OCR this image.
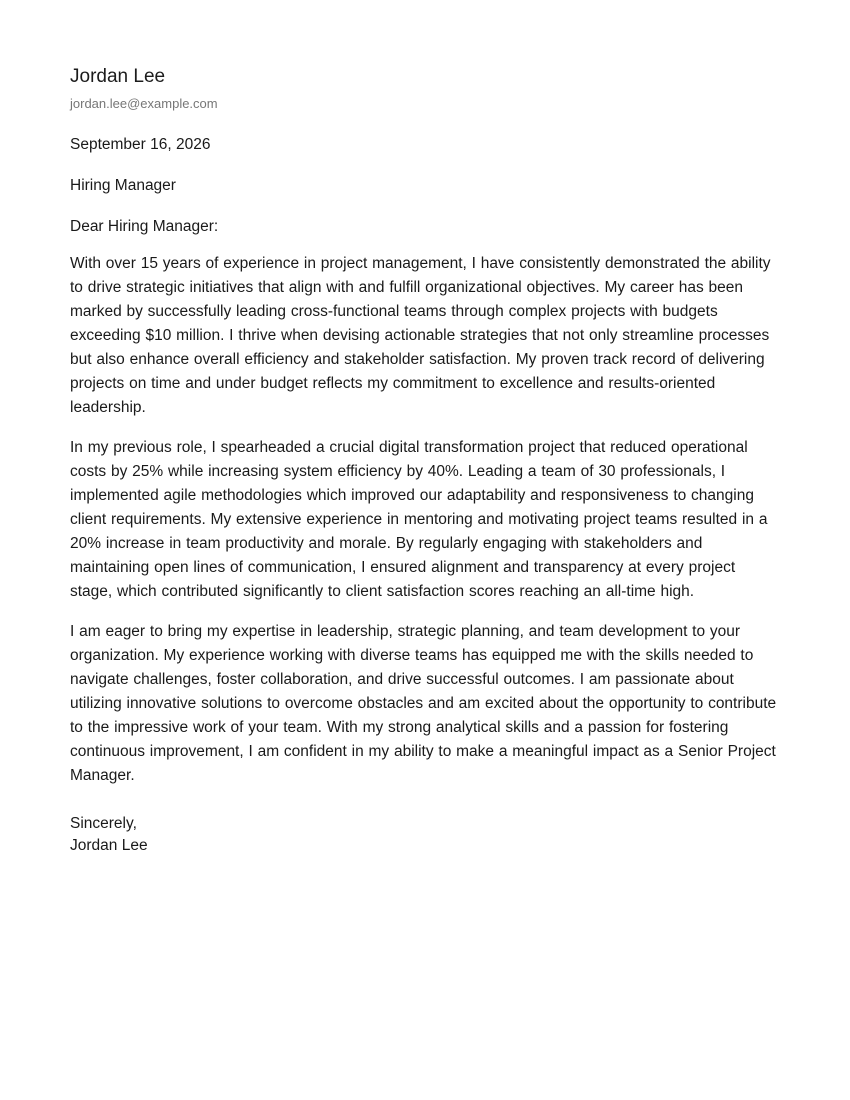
Jordan Lee
jordan.lee@example.com
September 16, 2026
Hiring Manager
Dear Hiring Manager:

With over 15 years of experience in project management, I have consistently demonstrated the ability to drive strategic initiatives that align with and fulfill organizational objectives. My career has been marked by successfully leading cross-functional teams through complex projects with budgets exceeding $10 million. I thrive when devising actionable strategies that not only streamline processes but also enhance overall efficiency and stakeholder satisfaction. My proven track record of delivering projects on time and under budget reflects my commitment to excellence and results-oriented leadership.

In my previous role, I spearheaded a crucial digital transformation project that reduced operational costs by 25% while increasing system efficiency by 40%. Leading a team of 30 professionals, I implemented agile methodologies which improved our adaptability and responsiveness to changing client requirements. My extensive experience in mentoring and motivating project teams resulted in a 20% increase in team productivity and morale. By regularly engaging with stakeholders and maintaining open lines of communication, I ensured alignment and transparency at every project stage, which contributed significantly to client satisfaction scores reaching an all-time high.

I am eager to bring my expertise in leadership, strategic planning, and team development to your organization. My experience working with diverse teams has equipped me with the skills needed to navigate challenges, foster collaboration, and drive successful outcomes. I am passionate about utilizing innovative solutions to overcome obstacles and am excited about the opportunity to contribute to the impressive work of your team. With my strong analytical skills and a passion for fostering continuous improvement, I am confident in my ability to make a meaningful impact as a Senior Project Manager.

Sincerely,
Jordan Lee
